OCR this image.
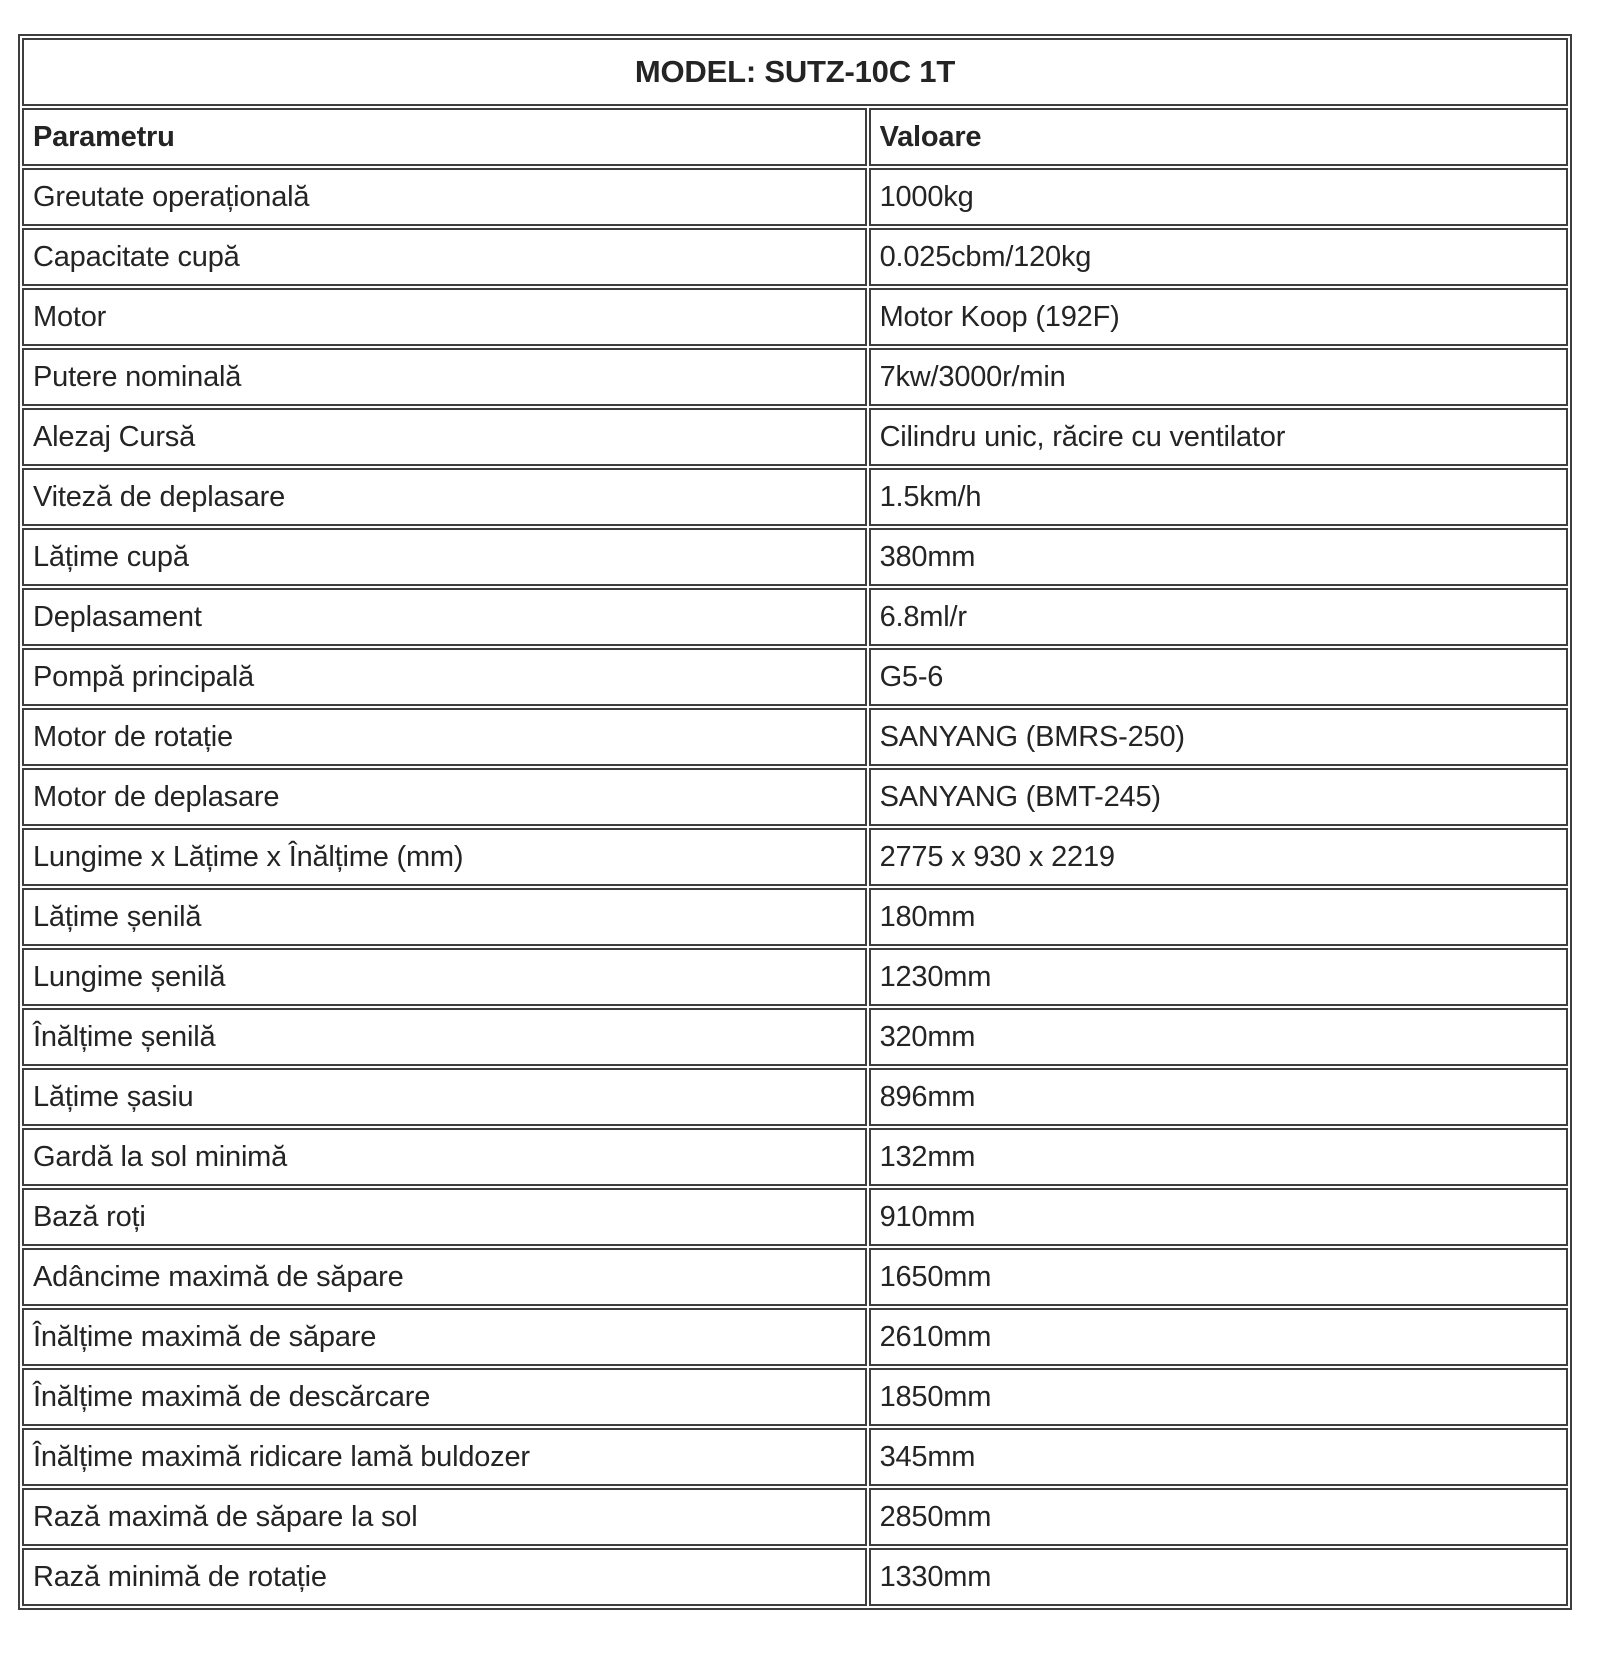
MODEL: SUTZ-10C 1T	
Parametru	Valoare
Greutate operațională	1000kg
Capacitate cupă	0.025cbm/120kg
Motor	Motor Koop (192F)
Putere nominală	7kw/3000r/min
Alezaj Cursă	Cilindru unic, răcire cu ventilator
Viteză de deplasare	1.5km/h
Lățime cupă	380mm
Deplasament	6.8ml/r
Pompă principală	G5-6
Motor de rotație	SANYANG (BMRS-250)
Motor de deplasare	SANYANG (BMT-245)
Lungime x Lățime x Înălțime (mm)	2775 x 930 x 2219
Lățime șenilă	180mm
Lungime șenilă	1230mm
Înălțime șenilă	320mm
Lățime șasiu	896mm
Gardă la sol minimă	132mm
Bază roți	910mm
Adâncime maximă de săpare	1650mm
Înălțime maximă de săpare	2610mm
Înălțime maximă de descărcare	1850mm
Înălțime maximă ridicare lamă buldozer	345mm
Rază maximă de săpare la sol	2850mm
Rază minimă de rotație	1330mm
